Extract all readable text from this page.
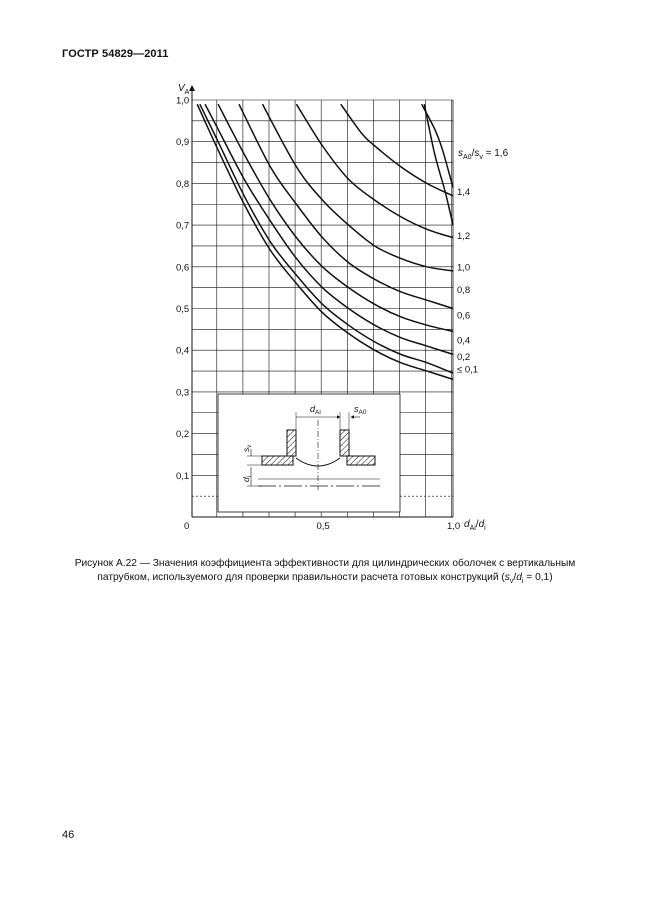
ГОСТР 54829—2011
0,1
0,2
0,3
0,4
0,5
0,6
0,7
0,8
0,9
1,0
0,5	1,0
0
≤ 0,1
0,2
0,4
0,6
0,8
1,0
1,2
1,4
$V_A$
$d_{Ai}/d_i$
$s_{A0}/s_v = 1,6$
$d_{Ai}$	$s_{A0}$
$s_v$
$d_i$
Рисунок А.22 — Значения коэффициента эффективности для цилиндрических оболочек с вертикальным
патрубком, используемого для проверки правильности расчета готовых конструкций $(s_v/d_i = 0,1)$
46
